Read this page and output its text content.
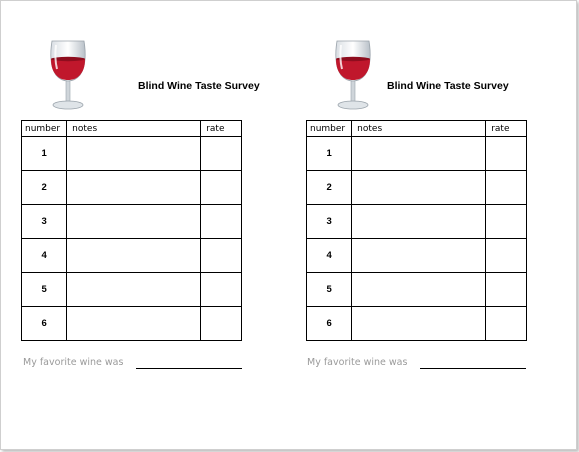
Blind Wine Taste Survey
number	notes	rate
1		
2		
3		
4		
5		
6		
My favorite wine was
Blind Wine Taste Survey
number	notes	rate
1		
2		
3		
4		
5		
6		
My favorite wine was
